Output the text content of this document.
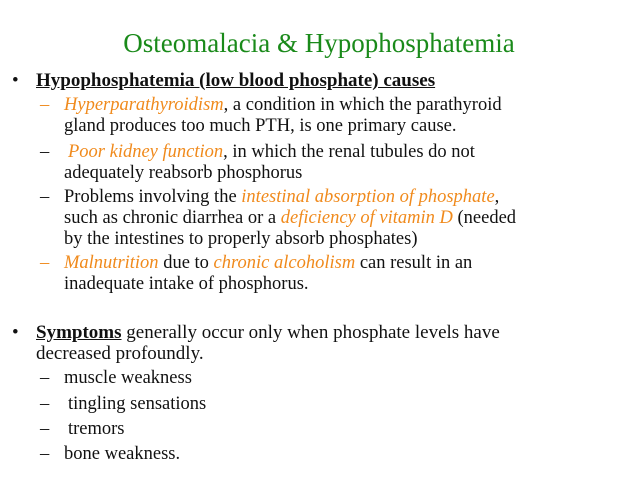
Osteomalacia & Hypophosphatemia
• Hypophosphatemia (low blood phosphate) causes
– Hyperparathyroidism, a condition in which the parathyroid
gland produces too much PTH, is one primary cause.
– Poor kidney function, in which the renal tubules do not
adequately reabsorb phosphorus
– Problems involving the intestinal absorption of phosphate,
such as chronic diarrhea or a deficiency of vitamin D (needed
by the intestines to properly absorb phosphates)
– Malnutrition due to chronic alcoholism can result in an
inadequate intake of phosphorus.
• Symptoms generally occur only when phosphate levels have
decreased profoundly.
– muscle weakness
– tingling sensations
– tremors
– bone weakness.
